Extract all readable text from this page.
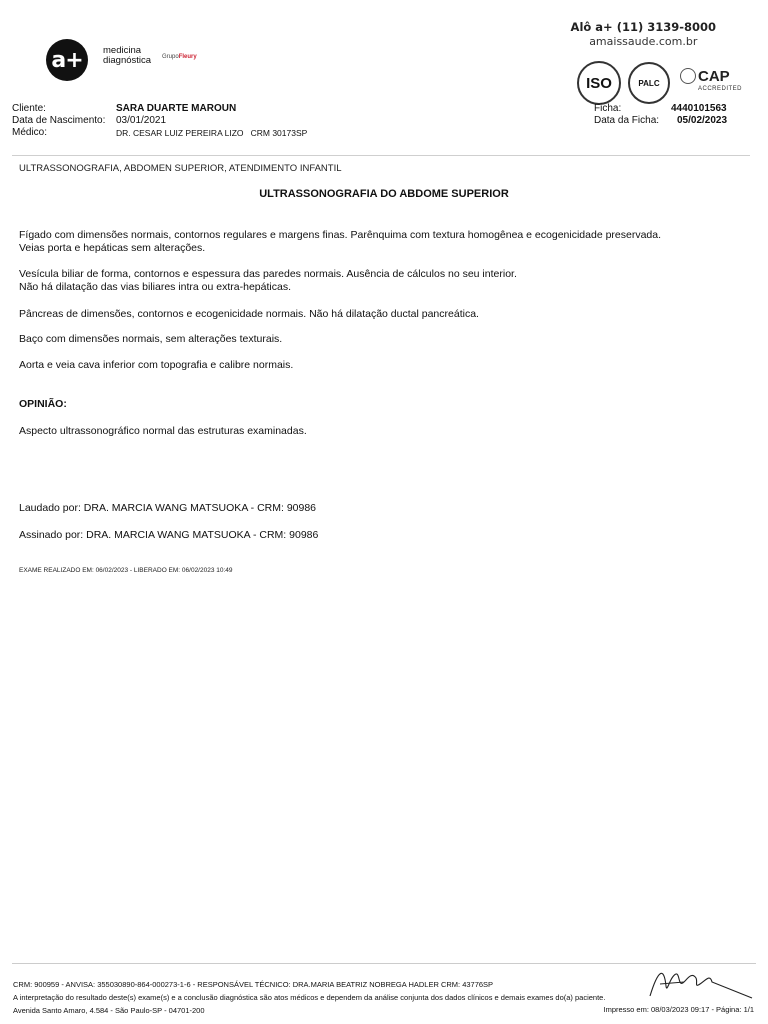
a+ medicina
diagnóstica GrupoFleury
Alô a+ (11) 3139-8000
amaissaude.com.br
ISO	PALC	CAP
ACCREDITED
Cliente:	SARA DUARTE MAROUN
Data de Nascimento: 03/01/2021
Médico:	DR. CESAR LUIZ PEREIRA LIZO   CRM 30173SP
Ficha:	4440101563
Data da Ficha: 05/02/2023
ULTRASSONOGRAFIA, ABDOMEN SUPERIOR, ATENDIMENTO INFANTIL
ULTRASSONOGRAFIA DO ABDOME SUPERIOR
Fígado com dimensões normais, contornos regulares e margens finas. Parênquima com textura homogênea e ecogenicidade preservada.
Veias porta e hepáticas sem alterações.
Vesícula biliar de forma, contornos e espessura das paredes normais. Ausência de cálculos no seu interior.
Não há dilatação das vias biliares intra ou extra-hepáticas.
Pâncreas de dimensões, contornos e ecogenicidade normais. Não há dilatação ductal pancreática.
Baço com dimensões normais, sem alterações texturais.
Aorta e veia cava inferior com topografia e calibre normais.
OPINIÃO:
Aspecto ultrassonográfico normal das estruturas examinadas.
Laudado por: DRA. MARCIA WANG MATSUOKA - CRM: 90986
Assinado por: DRA. MARCIA WANG MATSUOKA - CRM: 90986
EXAME REALIZADO EM: 06/02/2023 - LIBERADO EM: 06/02/2023 10:49
CRM: 900959 - ANVISA: 355030890-864-000273-1-6 - RESPONSÁVEL TÉCNICO: DRA.MARIA BEATRIZ NOBREGA HADLER CRM: 43776SP
A interpretação do resultado deste(s) exame(s) e a conclusão diagnóstica são atos médicos e dependem da análise conjunta dos dados clínicos e demais exames do(a) paciente.
Avenida Santo Amaro, 4.584 - São Paulo-SP - 04701-200	Impresso em: 08/03/2023 09:17 - Página: 1/1
